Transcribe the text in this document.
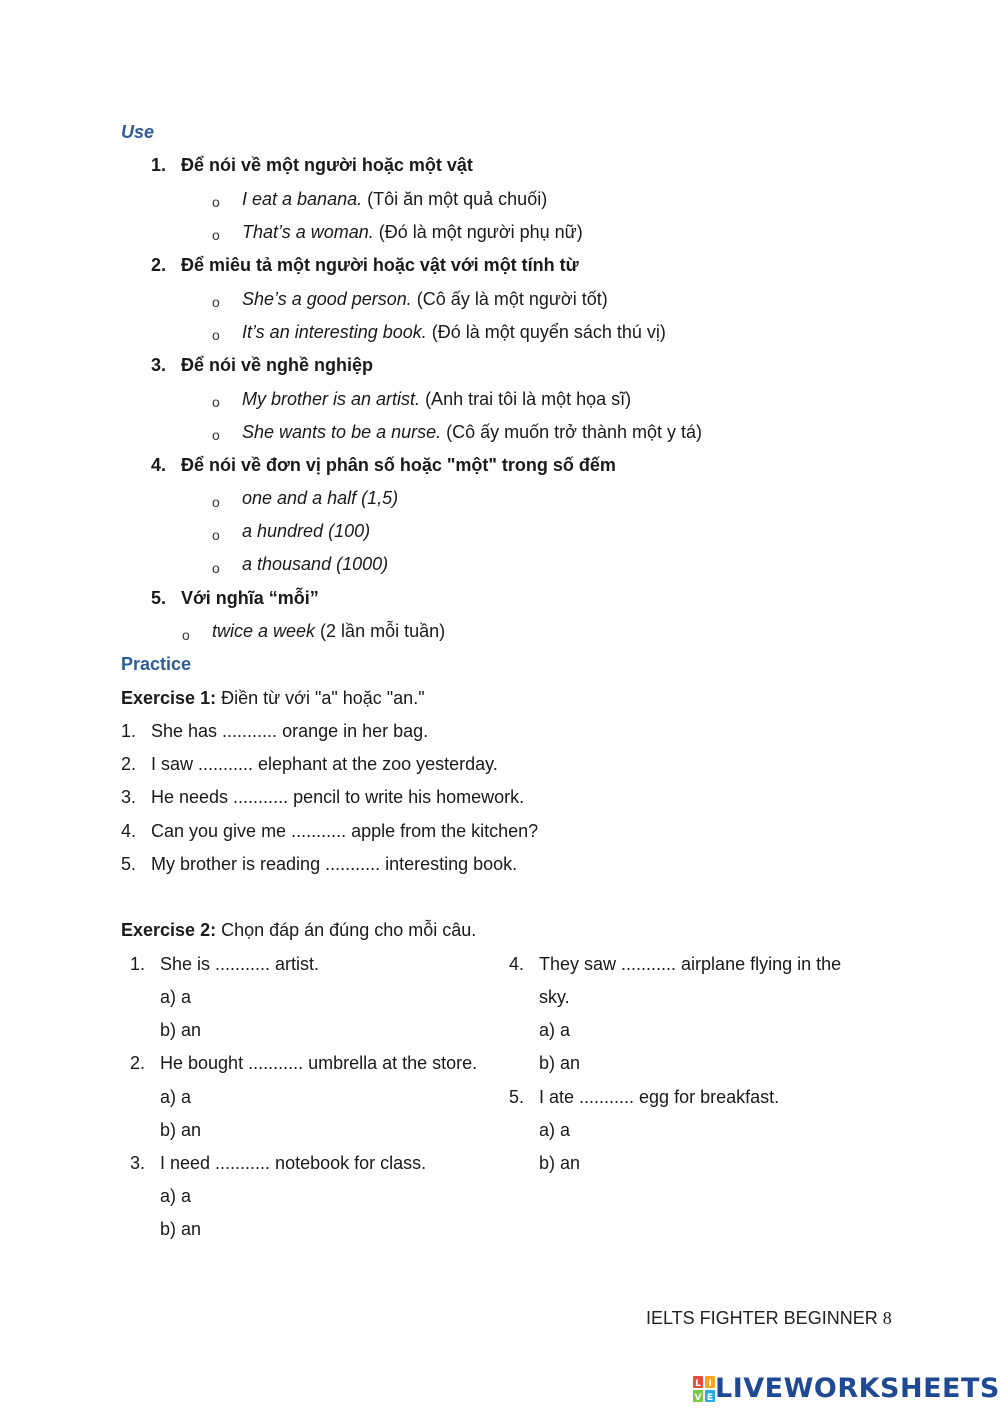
Use
1. Để nói về một người hoặc một vật
o I eat a banana. (Tôi ăn một quả chuối)
o That’s a woman. (Đó là một người phụ nữ)
2. Để miêu tả một người hoặc vật với một tính từ
o She’s a good person. (Cô ấy là một người tốt)
o It’s an interesting book. (Đó là một quyển sách thú vị)
3. Để nói về nghề nghiệp
o My brother is an artist. (Anh trai tôi là một họa sĩ)
o She wants to be a nurse. (Cô ấy muốn trở thành một y tá)
4. Để nói về đơn vị phân số hoặc "một" trong số đếm
o one and a half (1,5)
o a hundred (100)
o a thousand (1000)
5. Với nghĩa “mỗi”
o twice a week (2 lần mỗi tuần)
Practice
Exercise 1: Điền từ với "a" hoặc "an."
1. She has ........... orange in her bag.
2. I saw ........... elephant at the zoo yesterday.
3. He needs ........... pencil to write his homework.
4. Can you give me ........... apple from the kitchen?
5. My brother is reading ........... interesting book.
Exercise 2: Chọn đáp án đúng cho mỗi câu.
1. She is ........... artist.
a) a
b) an
2. He bought ........... umbrella at the store.
a) a
b) an
3. I need ........... notebook for class.
a) a
b) an
4. They saw ........... airplane flying in the
sky.
a) a
b) an
5. I ate ........... egg for breakfast.
a) a
b) an
IELTS FIGHTER BEGINNER 8
L I
V E LIVEWORKSHEETS
